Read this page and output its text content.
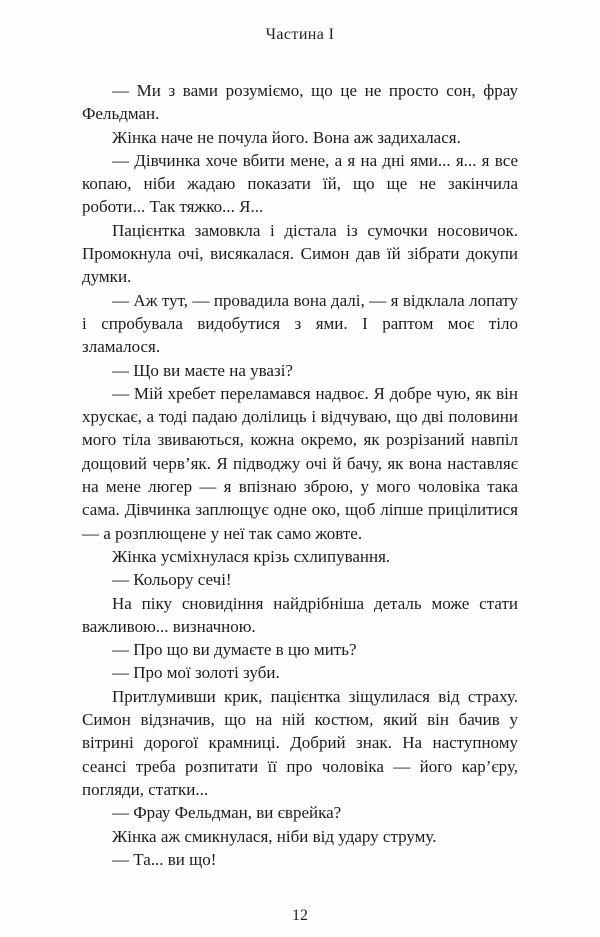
Частина I

— Ми з вами розуміємо, що це не просто сон, фрау Фельдман.

Жінка наче не почула його. Вона аж задихалася.

— Дівчинка хоче вбити мене, а я на дні ями... я... я все копаю, ніби жадаю показати їй, що ще не закінчила роботи... Так тяжко... Я...

Пацієнтка замовкла і дістала із сумочки носовичок. Промокнула очі, висякалася. Симон дав їй зібрати докупи думки.

— Аж тут, — провадила вона далі, — я відклала лопату і спробувала видобутися з ями. І раптом моє тіло зламалося.

— Що ви маєте на увазі?

— Мій хребет переламався надвоє. Я добре чую, як він хрускає, а тоді падаю долілиць і відчуваю, що дві половини мого тіла звиваються, кожна окремо, як розрізаний навпіл дощовий черв’як. Я підводжу очі й бачу, як вона наставляє на мене люгер — я впізнаю зброю, у мого чоловіка така сама. Дівчинка заплющує одне око, щоб ліпше прицілитися — а розплющене у неї так само жовте.

Жінка усміхнулася крізь схлипування.

— Кольору сечі!

На піку сновидіння найдрібніша деталь може стати важливою... визначною.

— Про що ви думаєте в цю мить?

— Про мої золоті зуби.

Притлумивши крик, пацієнтка зіщулилася від страху. Симон відзначив, що на ній костюм, який він бачив у вітрині дорогої крамниці. Добрий знак. На наступному сеансі треба розпитати її про чоловіка — його кар’єру, погляди, статки...

— Фрау Фельдман, ви єврейка?

Жінка аж смикнулася, ніби від удару струму.

— Та... ви що!

12
